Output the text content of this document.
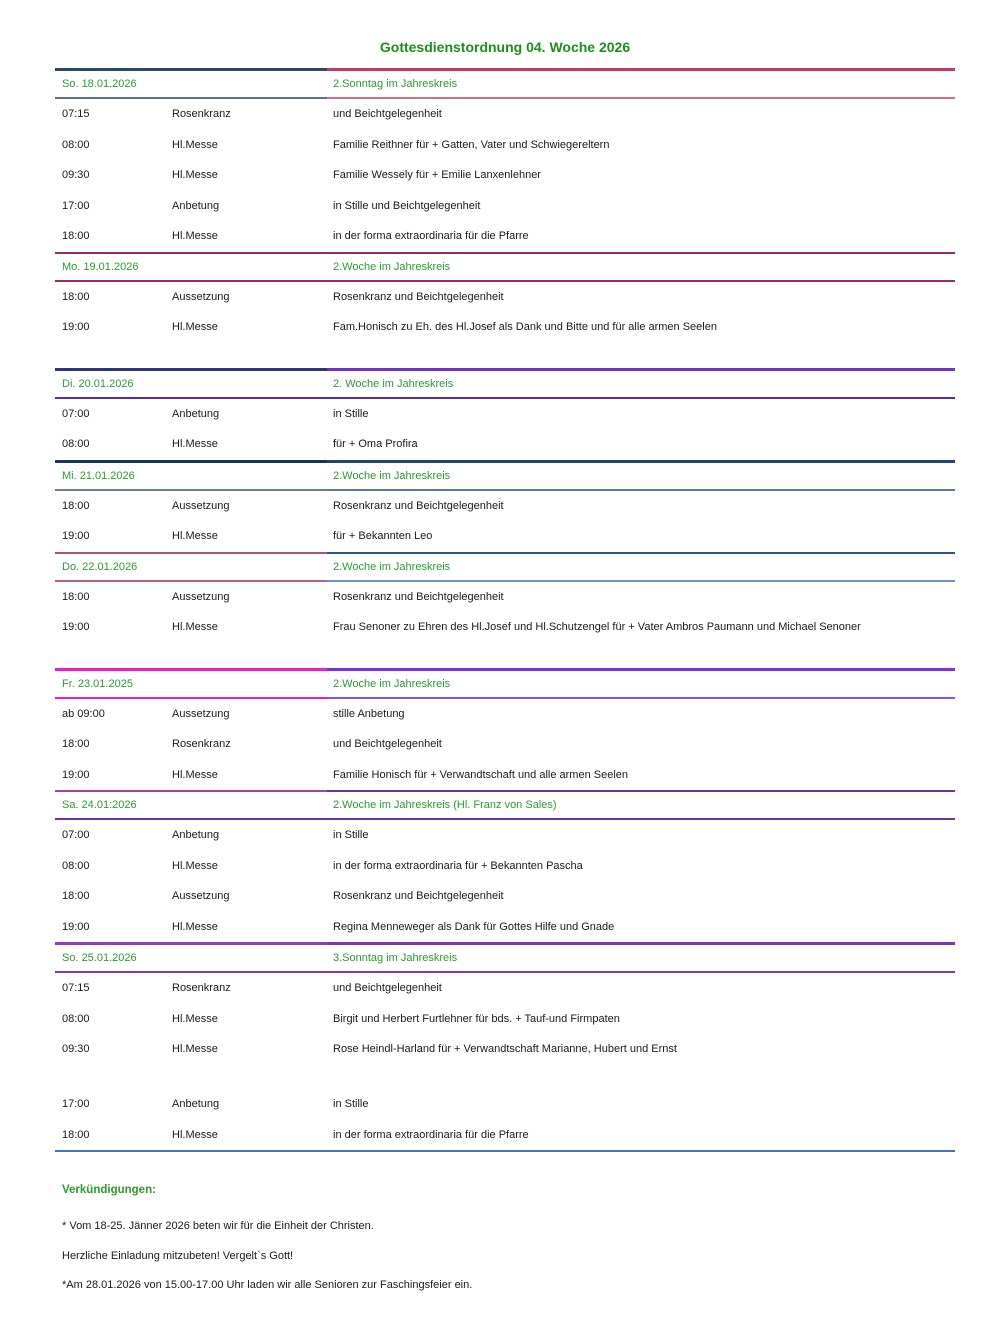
Gottesdienstordnung 04. Woche 2026
So. 18.01.2026	2.Sonntag im Jahreskreis
07:15	Rosenkranz	und Beichtgelegenheit
08:00	Hl.Messe	Familie Reithner für + Gatten, Vater und Schwiegereltern
09:30	Hl.Messe	Familie Wessely für + Emilie Lanxenlehner
17:00	Anbetung	in Stille und Beichtgelegenheit
18:00	Hl.Messe	in der forma extraordinaria für die Pfarre
Mo. 19.01.2026	2.Woche im Jahreskreis
18:00	Aussetzung	Rosenkranz und Beichtgelegenheit
19:00	Hl.Messe	Fam.Honisch zu Eh. des Hl.Josef als Dank und Bitte und für alle armen Seelen
Di. 20.01.2026	2. Woche im Jahreskreis
07:00	Anbetung	in Stille
08:00	Hl.Messe	für + Oma Profira
Mi. 21.01.2026	2.Woche im Jahreskreis
18:00	Aussetzung	Rosenkranz und Beichtgelegenheit
19:00	Hl.Messe	für + Bekannten Leo
Do. 22.01.2026	2.Woche im Jahreskreis
18:00	Aussetzung	Rosenkranz und Beichtgelegenheit
19:00	Hl.Messe	Frau Senoner zu Ehren des Hl.Josef und Hl.Schutzengel für + Vater Ambros Paumann und Michael Senoner
Fr. 23.01.2025	2.Woche im Jahreskreis
ab 09:00	Aussetzung	stille Anbetung
18:00	Rosenkranz	und Beichtgelegenheit
19:00	Hl.Messe	Familie Honisch für + Verwandtschaft und alle armen Seelen
Sa. 24.01:2026	2.Woche im Jahreskreis (Hl. Franz von Sales)
07:00	Anbetung	in Stille
08:00	Hl.Messe	in der forma extraordinaria für + Bekannten Pascha
18:00	Aussetzung	Rosenkranz und Beichtgelegenheit
19:00	Hl.Messe	Regina Menneweger als Dank für Gottes Hilfe und Gnade
So. 25.01.2026	3.Sonntag im Jahreskreis
07:15	Rosenkranz	und Beichtgelegenheit
08:00	Hl.Messe	Birgit und Herbert Furtlehner für bds. + Tauf-und Firmpaten
09:30	Hl.Messe	Rose Heindl-Harland für + Verwandtschaft Marianne, Hubert und Ernst
17:00	Anbetung	in Stille
18:00	Hl.Messe	in der forma extraordinaria für die Pfarre
Verkündigungen:
* Vom 18-25. Jänner 2026 beten wir für die Einheit der Christen.
Herzliche Einladung mitzubeten! Vergelt`s Gott!
*Am 28.01.2026 von 15.00-17.00 Uhr laden wir alle Senioren zur Faschingsfeier ein.
